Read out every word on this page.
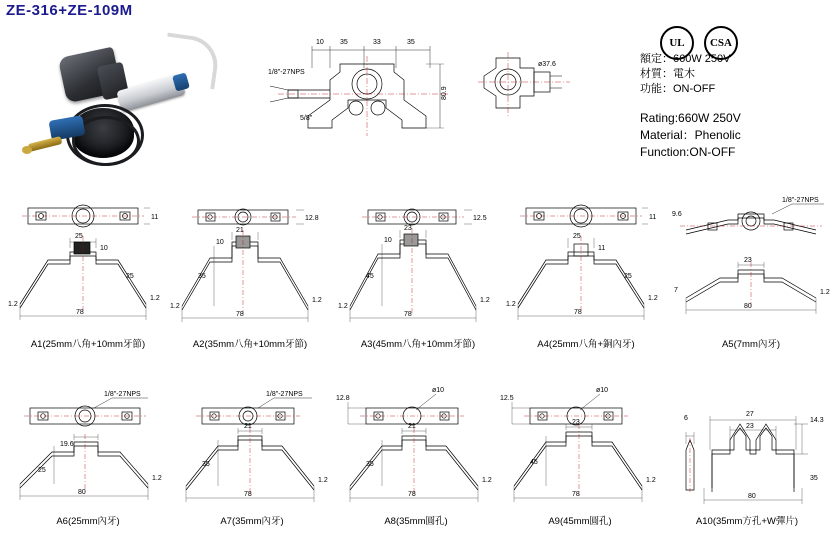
ZE-316+ZE-109M
10 35	33	35
1/8"-27NPS
5/8"
80.9
ø37.6
UL	CSA
額定：660W 250V
材質：電木
功能：ON-OFF
Rating:660W 250V
Material：Phenolic
Function:ON-OFF
11
25
10
25
78
1.2
1.2
A1(25mm八角+10mm牙節)
12.8
21
10
35
78
1.2
1.2
A2(35mm八角+10mm牙節)
12.5
23
10
45
78
1.2
1.2
A3(45mm八角+10mm牙節)
11
25
11
25
78
1.2
1.2
A4(25mm八角+銅內牙)
9.6
1/8"-27NPS
23
7
80
1.2
A5(7mm內牙)
1/8"-27NPS
19.6
25
80
1.2
A6(25mm內牙)
1/8"-27NPS
21
35
78
1.2
A7(35mm內牙)
12.8
ø10
21
35
78
1.2
A8(35mm圓孔)
12.5
ø10
23
45
78
1.2
A9(45mm圓孔)
27
23
14.3
6
35
80
A10(35mm方孔+W彈片)
